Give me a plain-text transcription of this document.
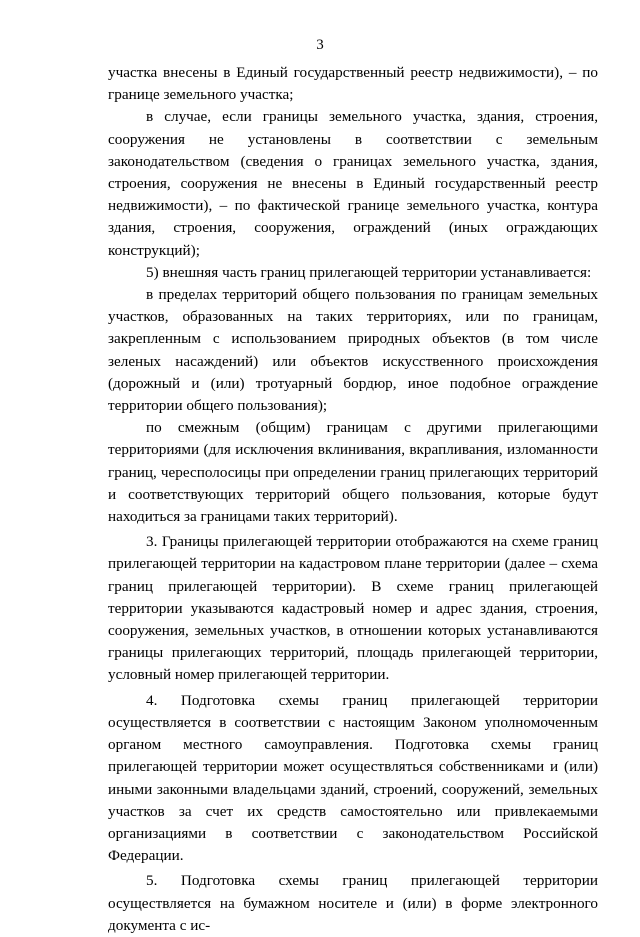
3

участка внесены в Единый государственный реестр недвижимости), – по границе земельного участка;

в случае, если границы земельного участка, здания, строения, сооружения не установлены в соответствии с земельным законодательством (сведения о границах земельного участка, здания, строения, сооружения не внесены в Единый государственный реестр недвижимости), – по фактической границе земельного участка, контура здания, строения, сооружения, ограждений (иных ограждающих конструкций);

5) внешняя часть границ прилегающей территории устанавливается:

в пределах территорий общего пользования по границам земельных участков, образованных на таких территориях, или по границам, закрепленным с использованием природных объектов (в том числе зеленых насаждений) или объектов искусственного происхождения (дорожный и (или) тротуарный бордюр, иное подобное ограждение территории общего пользования);

по смежным (общим) границам с другими прилегающими территориями (для исключения вклинивания, вкрапливания, изломанности границ, чересполосицы при определении границ прилегающих территорий и соответствующих территорий общего пользования, которые будут находиться за границами таких территорий).

3. Границы прилегающей территории отображаются на схеме границ прилегающей территории на кадастровом плане территории (далее – схема границ прилегающей территории). В схеме границ прилегающей территории указываются кадастровый номер и адрес здания, строения, сооружения, земельных участков, в отношении которых устанавливаются границы прилегающих территорий, площадь прилегающей территории, условный номер прилегающей территории.

4. Подготовка схемы границ прилегающей территории осуществляется в соответствии с настоящим Законом уполномоченным органом местного самоуправления. Подготовка схемы границ прилегающей территории может осуществляться собственниками и (или) иными законными владельцами зданий, строений, сооружений, земельных участков за счет их средств самостоятельно или привлекаемыми организациями в соответствии с законодательством Российской Федерации.

5. Подготовка схемы границ прилегающей территории осуществляется на бумажном носителе и (или) в форме электронного документа с ис-
